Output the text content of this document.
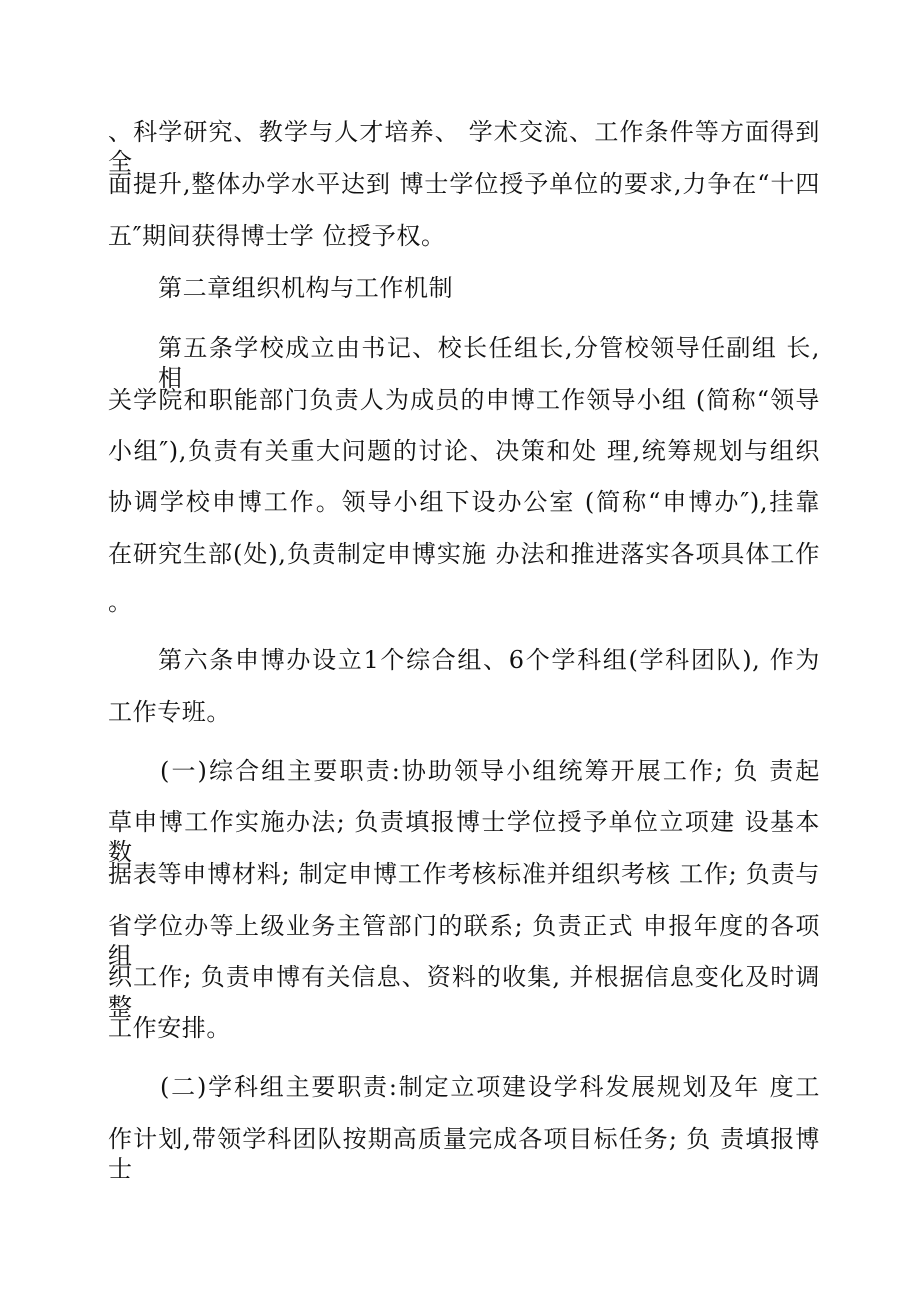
、科学研究、教学与人才培养、 学术交流、工作条件等方面得到全
面提升,整体办学水平达到 博士学位授予单位的要求,力争在“十四
五″期间获得博士学 位授予权。
第二章组织机构与工作机制
第五条学校成立由书记、校长任组长,分管校领导任副组 长,相
关学院和职能部门负责人为成员的申博工作领导小组 (简称“领导
小组″),负责有关重大问题的讨论、决策和处 理,统筹规划与组织
协调学校申博工作。领导小组下设办公室 (简称“申博办″),挂靠
在研究生部(处),负责制定申博实施 办法和推进落实各项具体工作
。
第六条申博办设立1个综合组、6个学科组(学科团队), 作为
工作专班。
(一)综合组主要职责:协助领导小组统筹开展工作; 负 责起
草申博工作实施办法; 负责填报博士学位授予单位立项建 设基本数
据表等申博材料; 制定申博工作考核标准并组织考核 工作; 负责与
省学位办等上级业务主管部门的联系; 负责正式 申报年度的各项组
织工作; 负责申博有关信息、资料的收集, 并根据信息变化及时调整
工作安排。
(二)学科组主要职责:制定立项建设学科发展规划及年 度工
作计划,带领学科团队按期高质量完成各项目标任务; 负 责填报博士
